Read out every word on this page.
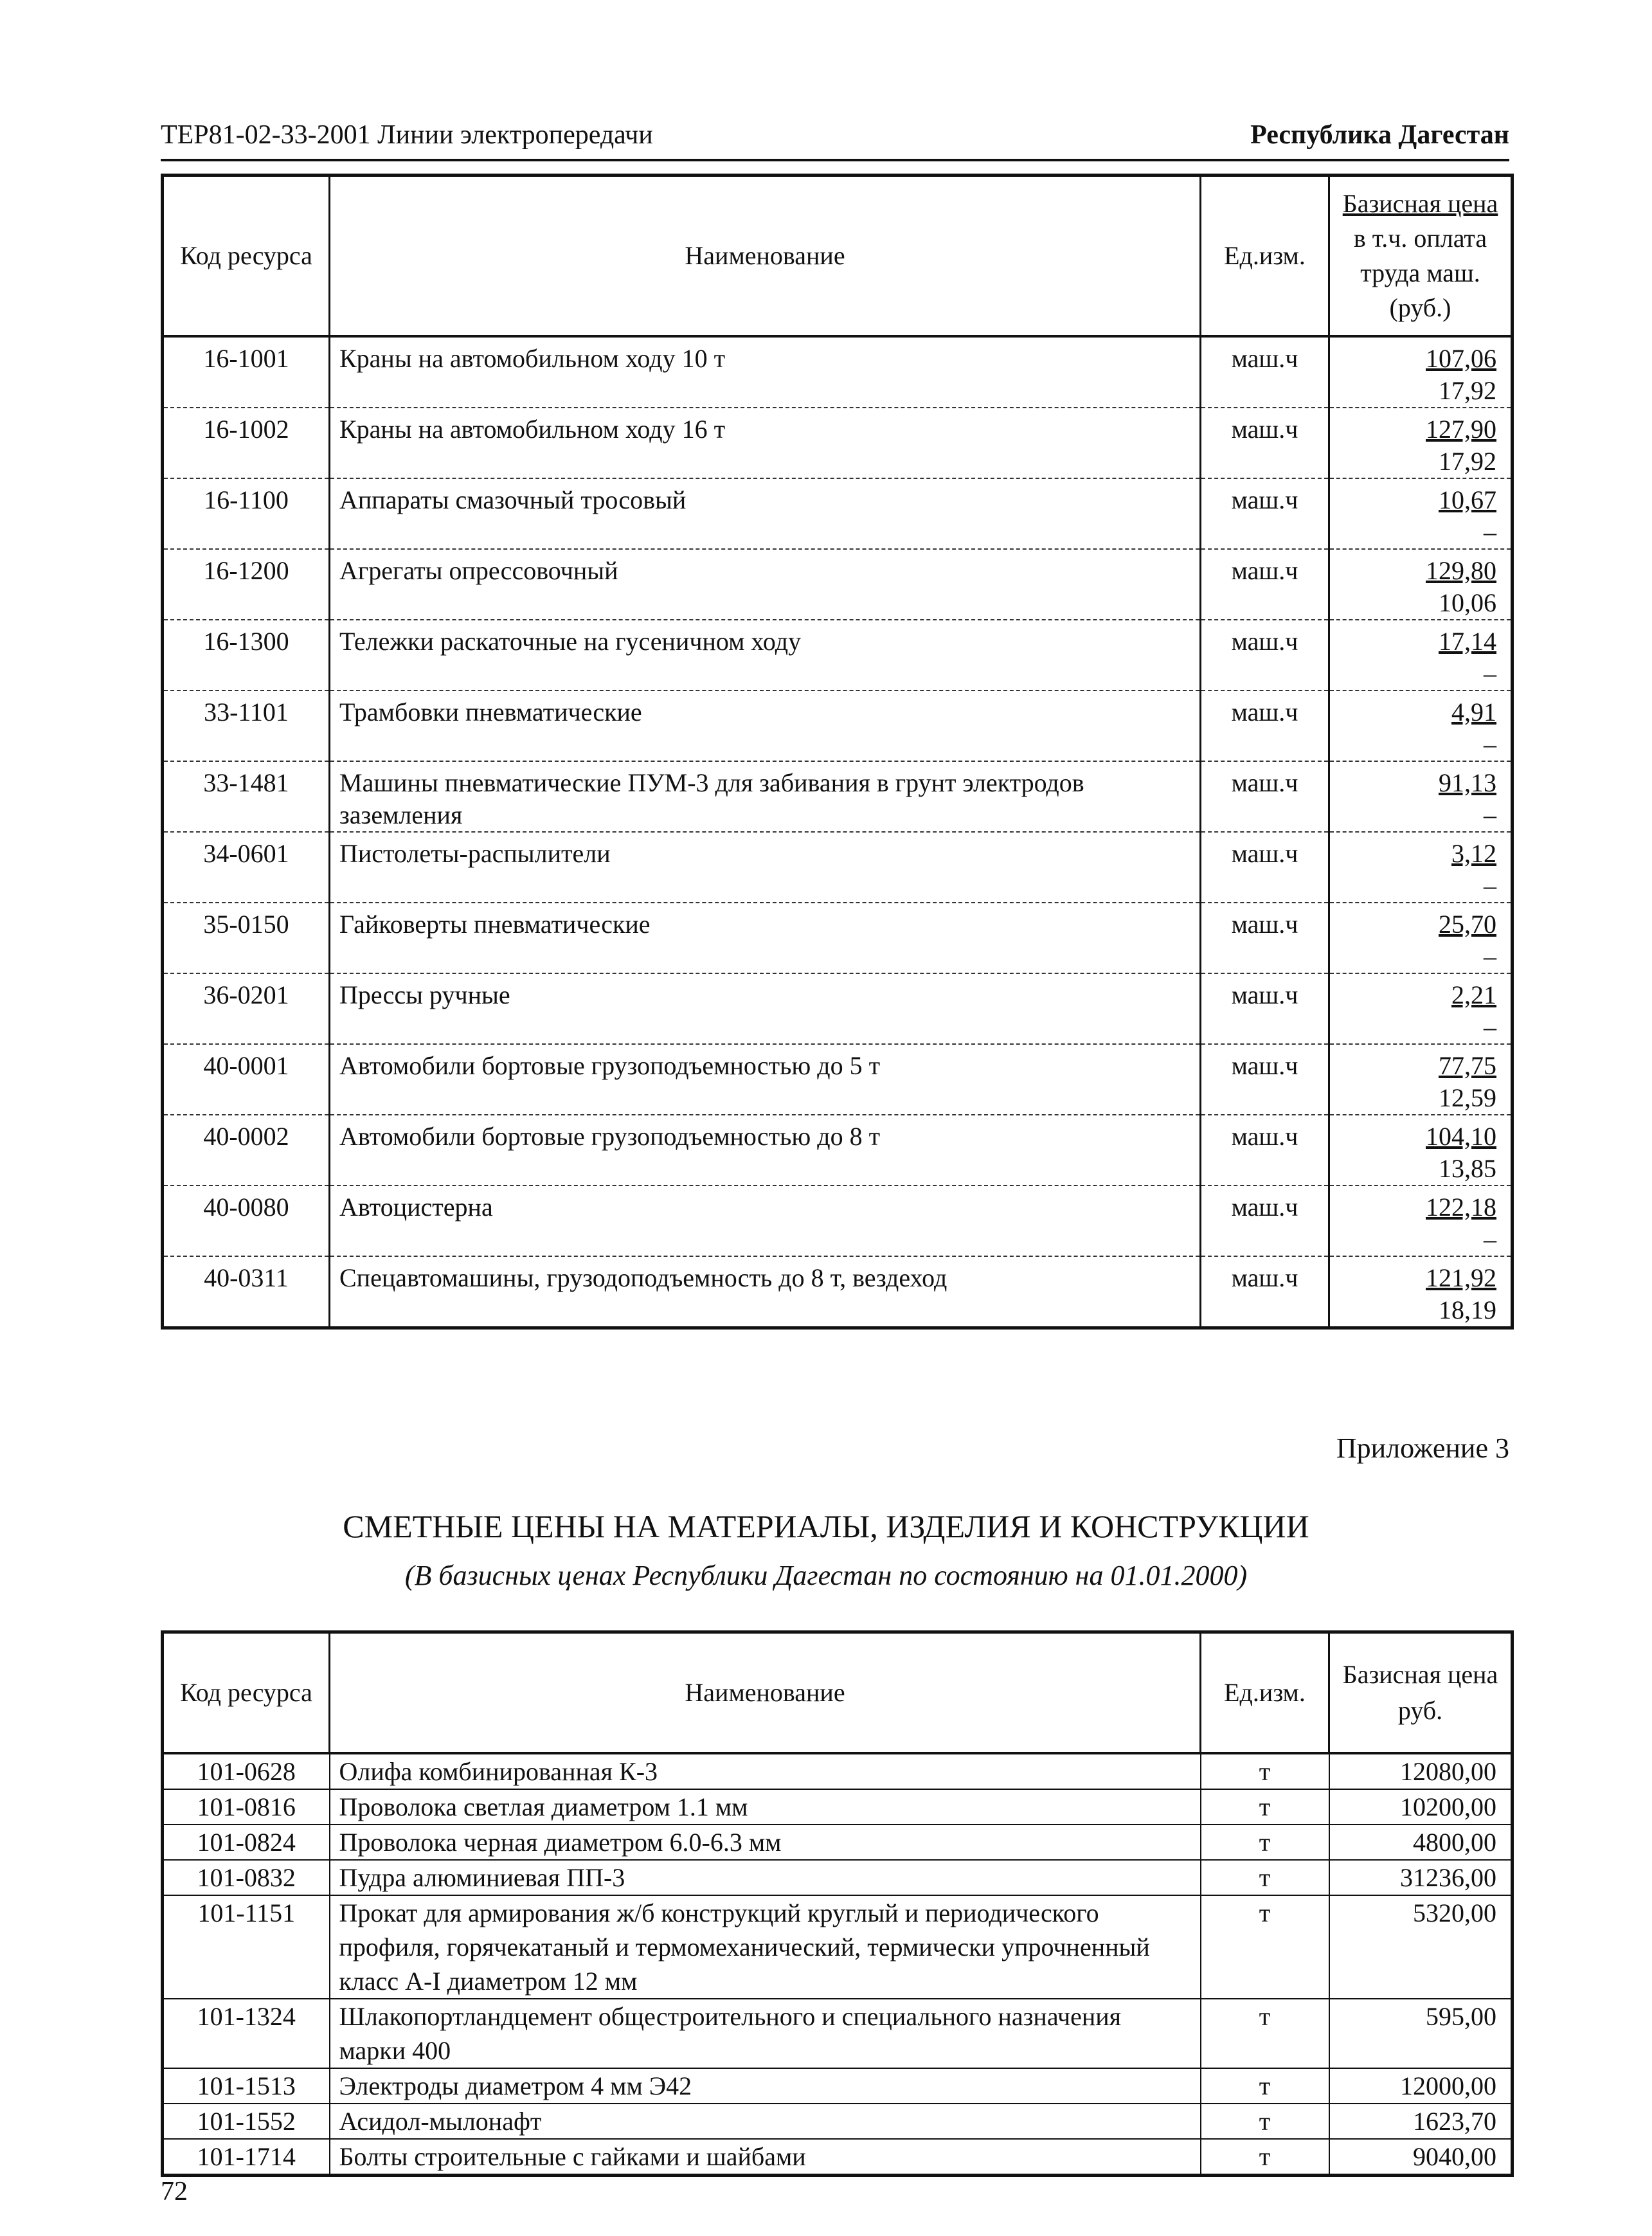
ТЕР81-02-33-2001 Линии электропередачи	Республика Дагестан
Код ресурса	Наименование	Ед.изм.	Базисная цена
в т.ч. оплата
труда маш.
(руб.)

16-1001	Краны на автомобильном ходу 10 т	маш.ч	107,06
17,92

16-1002	Краны на автомобильном ходу 16 т	маш.ч	127,90
17,92

16-1100	Аппараты смазочный тросовый	маш.ч	10,67
–

16-1200	Агрегаты опрессовочный	маш.ч	129,80
10,06

16-1300	Тележки раскаточные на гусеничном ходу	маш.ч	17,14
–

33-1101	Трамбовки пневматические	маш.ч	4,91
–

33-1481	Машины пневматические ПУМ-3 для забивания в грунт электродов заземления	маш.ч	91,13
–

34-0601	Пистолеты-распылители	маш.ч	3,12
–

35-0150	Гайковерты пневматические	маш.ч	25,70
–

36-0201	Прессы ручные	маш.ч	2,21
–

40-0001	Автомобили бортовые грузоподъемностью до 5 т	маш.ч	77,75
12,59

40-0002	Автомобили бортовые грузоподъемностью до 8 т	маш.ч	104,10
13,85

40-0080	Автоцистерна	маш.ч	122,18
–

40-0311	Спецавтомашины, грузодоподъемность до 8 т, вездеход	маш.ч	121,92
18,19
Приложение 3
СМЕТНЫЕ ЦЕНЫ НА МАТЕРИАЛЫ, ИЗДЕЛИЯ И КОНСТРУКЦИИ
(В базисных ценах Республики Дагестан по состоянию на 01.01.2000)
Код ресурса	Наименование	Ед.изм.	Базисная цена
руб.

101-0628	Олифа комбинированная К-3	т	12080,00
101-0816	Проволока светлая диаметром 1.1 мм	т	10200,00
101-0824	Проволока черная диаметром 6.0-6.3 мм	т	4800,00
101-0832	Пудра алюминиевая ПП-3	т	31236,00
101-1151	Прокат для армирования ж/б конструкций круглый и периодического профиля, горячекатаный и термомеханический, термически упрочненный класс А-I диаметром 12 мм	т	5320,00
101-1324	Шлакопортландцемент общестроительного и специального назначения марки 400	т	595,00
101-1513	Электроды диаметром 4 мм Э42	т	12000,00
101-1552	Асидол-мылонафт	т	1623,70
101-1714	Болты строительные с гайками и шайбами	т	9040,00
72
